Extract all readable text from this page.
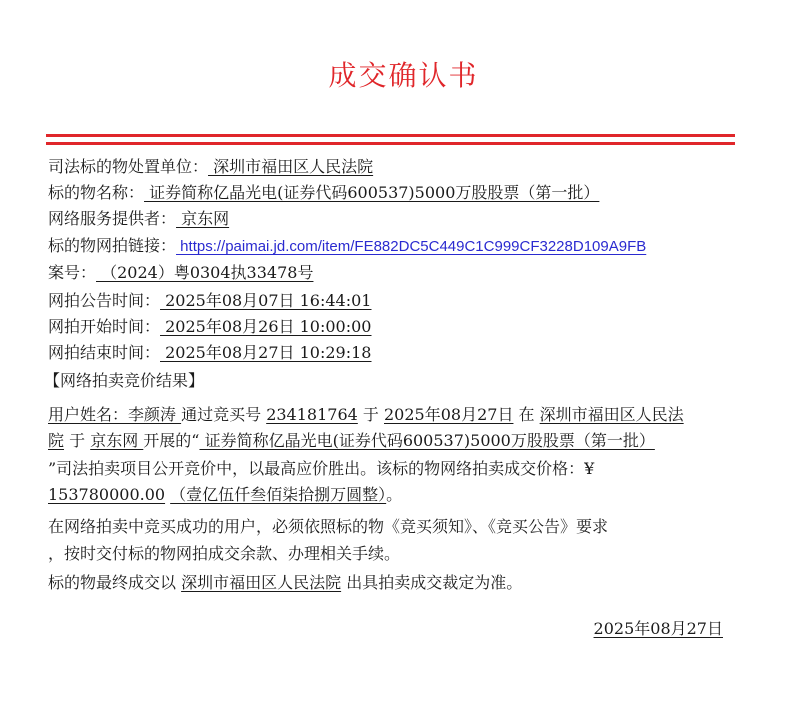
成交确认书
司法标的物处置单位： 深圳市福田区人民法院
标的物名称： 证券简称亿晶光电(证券代码600537)5000万股股票（第一批）
网络服务提供者： 京东网
标的物网拍链接： https://paimai.jd.com/item/FE882DC5C449C1C999CF3228D109A9FB
案号： （2024）粤0304执33478号
网拍公告时间： 2025年08月07日 16:44:01
网拍开始时间： 2025年08月26日 10:00:00
网拍结束时间： 2025年08月27日 10:29:18
【网络拍卖竞价结果】
用户姓名：李颜涛 通过竞买号 234181764 于 2025年08月27日 在 深圳市福田区人民法
院 于 京东网 开展的“ 证券简称亿晶光电(证券代码600537)5000万股股票（第一批）
”司法拍卖项目公开竞价中，以最高应价胜出。该标的物网络拍卖成交价格：¥
153780000.00 （壹亿伍仟叁佰柒拾捌万圆整）。
在网络拍卖中竞买成功的用户，必须依照标的物《竞买须知》、《竞买公告》要求
，按时交付标的物网拍成交余款、办理相关手续。
标的物最终成交以 深圳市福田区人民法院 出具拍卖成交裁定为准。
2025年08月27日
